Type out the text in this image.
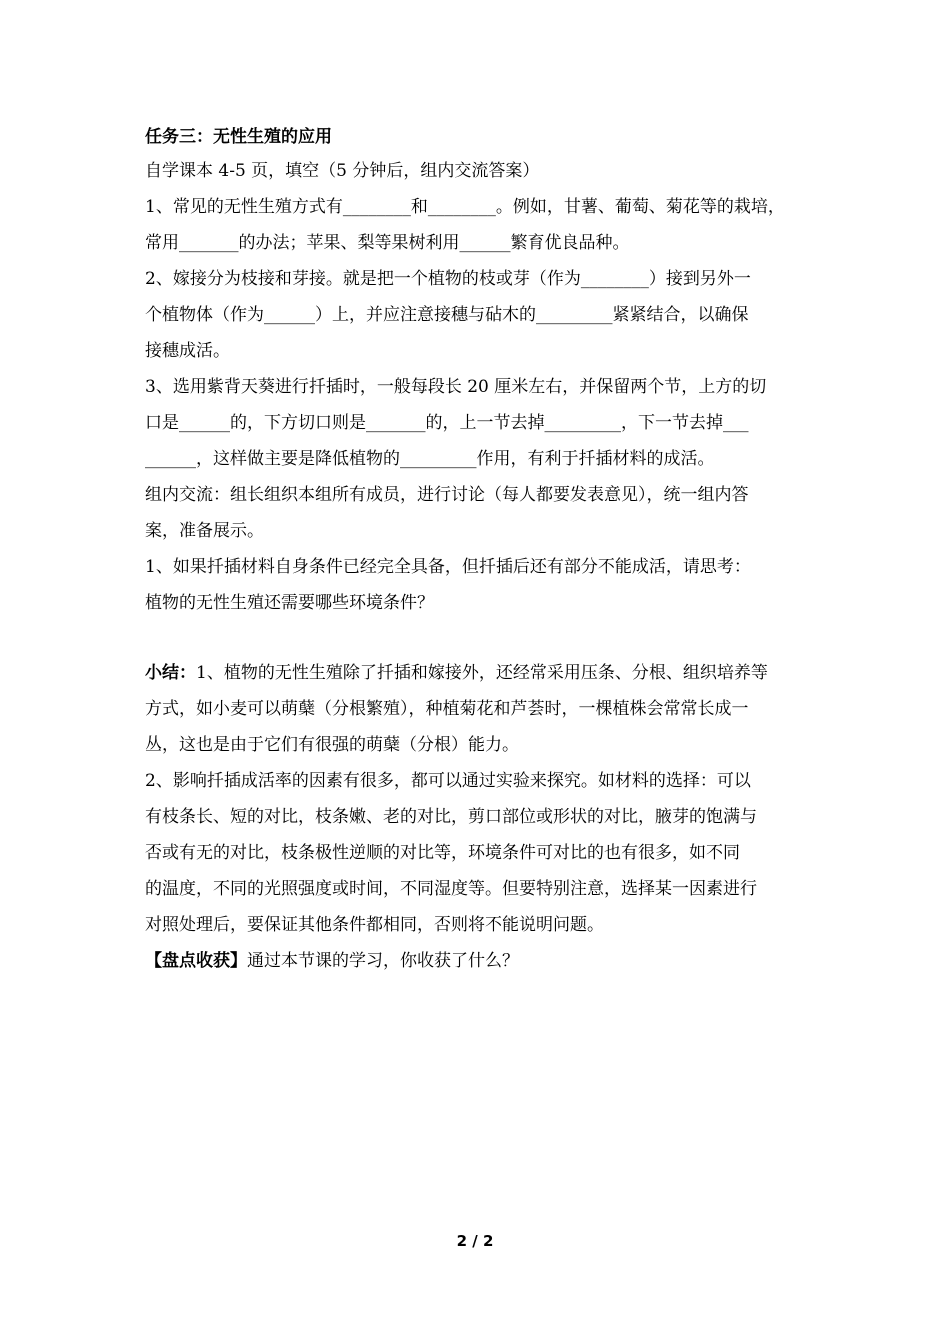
任务三：无性生殖的应用
自学课本 4-5 页，填空（5 分钟后，组内交流答案）
1、常见的无性生殖方式有________和________。例如，甘薯、葡萄、菊花等的栽培，
常用_______的办法；苹果、梨等果树利用______繁育优良品种。
2、嫁接分为枝接和芽接。就是把一个植物的枝或芽（作为________）接到另外一
个植物体（作为______）上，并应注意接穗与砧木的_________紧紧结合，以确保
接穗成活。
3、选用紫背天葵进行扦插时，一般每段长 20 厘米左右，并保留两个节，上方的切
口是______的，下方切口则是_______的，上一节去掉_________，下一节去掉___
______，这样做主要是降低植物的_________作用，有利于扦插材料的成活。
组内交流：组长组织本组所有成员，进行讨论（每人都要发表意见），统一组内答
案，准备展示。
1、如果扦插材料自身条件已经完全具备，但扦插后还有部分不能成活，请思考：
植物的无性生殖还需要哪些环境条件？
小结：1、植物的无性生殖除了扦插和嫁接外，还经常采用压条、分根、组织培养等
方式，如小麦可以萌蘖（分根繁殖），种植菊花和芦荟时，一棵植株会常常长成一
丛，这也是由于它们有很强的萌蘖（分根）能力。
2、影响扦插成活率的因素有很多，都可以通过实验来探究。如材料的选择：可以
有枝条长、短的对比，枝条嫩、老的对比，剪口部位或形状的对比，腋芽的饱满与
否或有无的对比，枝条极性逆顺的对比等，环境条件可对比的也有很多，如不同
的温度，不同的光照强度或时间，不同湿度等。但要特别注意，选择某一因素进行
对照处理后，要保证其他条件都相同，否则将不能说明问题。
【盘点收获】通过本节课的学习，你收获了什么？
2 / 2
